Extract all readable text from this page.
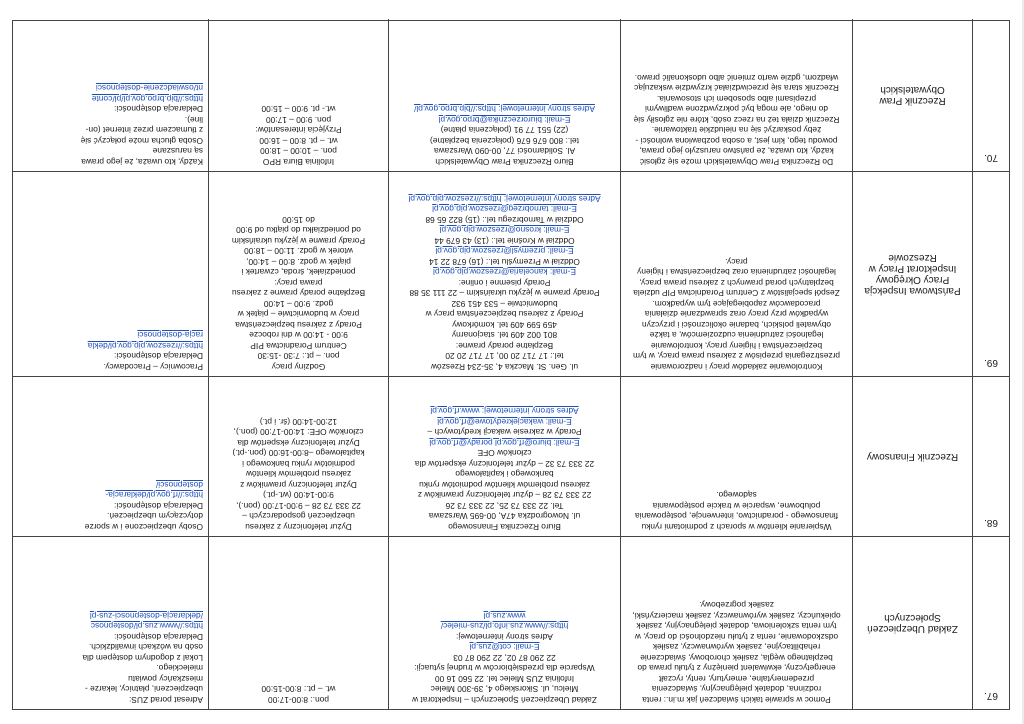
67.
Zakład Ubezpieczeń Społecznych
Pomoc w sprawie takich świadczeń jak m.in.: renta
rodzinna, dodatek pielęgnacyjny, świadczenia
przedemerytalne, emerytury, renty, ryczałt
energetyczny, ekwiwalent pieniężny z tytułu prawa do
bezpłatnego węgla, zasiłek chorobowy, świadczenie
rehabilitacyjne, zasiłek wyrównawczy, zasiłek
odszkodowanie, renta z tytułu niezdolności do pracy, w
tym renta szkoleniowa, dodatek pielęgnacyjny, zasiłek
opiekuńczy, zasiłek wyrównawczy, zasiłek macierzyński,
zasiłek pogrzebowy.
Zakład Ubezpieczeń Społecznych – Inspektorat w
Mielcu, ul. Sikorskiego 4, 39-300 Mielec
Infolinia ZUS Mielec tel. 22 560 16 00
Wsparcie dla przedsiębiorców w trudnej sytuacji:
22 290 87 02, 22 290 87 03
E-mail: cot@zus.pl
Adres strony internetowej:
https://www.zus.info.pl/zus-mielec/
www.zus.pl
pon.: 8:00-17:00
wt. – pt.: 8:00-15:00
Adresat porad ZUS:
ubezpieczeni, płatnicy, lekarze -
mieszkańcy powiatu
mieleckiego.
Lokal z dogodnym dostępem dla
osób na wózkach inwalidzkich.
Deklaracja dostępności:
https://www.zus.pl/dostepnosc
/deklaracja-dostepnosci-zus-pl
68.
Rzecznik Finansowy
Wspieranie klientów w sporach z podmiotami rynku
finansowego - poradnictwo, interwencje, postępowania
polubowne, wsparcie w trakcie postępowania
sądowego.
Biuro Rzecznika Finansowego
ul. Nowogrodzka 47A, 00-695 Warszawa
Tel. 22 333 73 25, 22 333 73 26
22 333 73 28 – dyżur telefoniczny prawników z
zakresu problemów klientów podmiotów rynku
bankowego i kapitałowego
22 333 73 32 – dyżur telefoniczny ekspertów dla
członków OFE
E-mail: biuro@rf.gov.pl porady@rf.gov.pl
Porady w zakresie wakacji kredytowych –
E-mail: wakacjekredytowe@rf.gov.pl
Adres strony internetowej: www.rf.gov.pl
Dyżur telefoniczny z zakresu
ubezpieczeń gospodarczych –
22 333 73 28 – 9:00-17:00 (pon.),
9:00-14:00 (wt.-pt.)
Dyżur telefoniczny prawników z
zakresu problemów klientów
podmiotów rynku bankowego i
kapitałowego –8:00-16:00 (pon.-pt.)
Dyżur telefoniczny ekspertów dla
członków OFE: 14:00-17:00 (pon.),
12:00-14:00 (śr. i pt.)
Osoby ubezpieczone i w sporze
dotyczącym ubezpieczeń.
Deklaracja dostępności:
https://rf.gov.pl/deklaracja-
dostepnosci/
69.
Państwowa Inspekcja Pracy Okręgowy Inspektorat Pracy w Rzeszowie
Kontrolowanie zakładów pracy i nadzorowanie
przestrzegania przepisów z zakresu prawa pracy, w tym
bezpieczeństwa i higieny pracy, kontrolowanie
legalności zatrudnienia cudzoziemców, a także
obywateli polskich, badanie okoliczności i przyczyn
wypadków przy pracy oraz sprawdzanie działania
pracodawców zapobiegające tym wypadkom.
Zespół specjalistów z Centrum Poradnictwa PIP udziela
bezpłatnych porad prawnych z zakresu prawa pracy,
legalności zatrudnienia oraz bezpieczeństwa i higieny
pracy.
ul. Gen. St. Maczka 4, 35-234 Rzeszów
tel.: 17 717 20 00, 17 717 20 20
Bezpłatne porady prawne:
801 002 409 tel. stacjonarny
459 599 409 tel. komórkowy
Porady z zakresu bezpieczeństwa pracy w
budownictwie – 533 451 932
Porady prawne w języku ukraińskim – 22 111 35 88
Porady pisemne i online:
E-mail: kancelaria@rzeszow.pip.gov.pl
Oddział w Przemyślu tel.: (16) 678 22 14
E-mail: przemysl@rzeszow.pip.gov.pl
Oddział w Krośnie tel.: (13) 43 679 44
E-mail: krosno@rzeszow.pip.gov.pl
Oddział w Tarnobrzegu tel.: (15) 822 65 68
E-mail: tarnobrzeg@rzeszow.pip.gov.pl
Adres strony internetowej: https://rzeszow.pip.gov.pl
Godziny pracy
pon. – pt.: 7:30 -15:30
Centrum Poradnictwa PIP
9:00 - 14:00 w dni robocze
Porady z zakresu bezpieczeństwa
pracy w budownictwie – piątek w
godz. 9:00 – 14:00
Bezpłatne porady prawne z zakresu
prawa pracy:
poniedziałek, środa, czwartek i
piątek w godz. 8:00 – 14:00,
wtorek w godz. 11:00 – 18:00
Porady prawne w języku ukraińskim
od poniedziałku do piątku od 9:00
do 15:00
Pracownicy – Pracodawcy.
Deklaracja dostępności:
https://rzeszow.pip.gov.pl/dekla
racja-dostepnosci
70.
Rzecznik Praw Obywatelskich
Do Rzecznika Praw Obywatelskich może się zgłosić
każdy, kto uważa, że państwo naruszyło jego prawa,
powodu tego, kim jest, a osoba pozbawiona wolności -
żeby poskarżyć się na nieludzkie traktowanie.
Rzecznik działa też na rzecz osób, które nie zgłosiły się
do niego, ale mogą być pokrzywdzone wadliwymi
przepisami albo sposobem ich stosowania.
Rzecznik stara się przeciwdziałać krzywdzie wskazując
władzom, gdzie warto zmienić albo udoskonalić prawo.
Biuro Rzecznika Praw Obywatelskich
Al. Solidarności 77, 00-090 Warszawa
tel.: 800 676 676 (połączenia bezpłatne)
(22) 551 77 91 (połączenia płatne)
E-mail: biurorzecznika@brpo.gov.pl
Adres strony internetowej: https://bip.brpo.gov.pl/
Infolinia Biura RPO
pon. – 10:00 – 18:00
wt. – pt. 8:00 – 16:00
Przyjęcia interesantów:
pon. 9:00 – 17:00
wt.- pt. 9:00 – 15:00
Każdy, kto uważa, że jego prawa
są naruszane
Osoba głucha może połączyć się
z tłumaczem przez internet (on-
line).
Deklaracja dostępności:
https://bip.brpo.gov.pl/pl/conte
nt/oswiadczenie-dostepnosci
